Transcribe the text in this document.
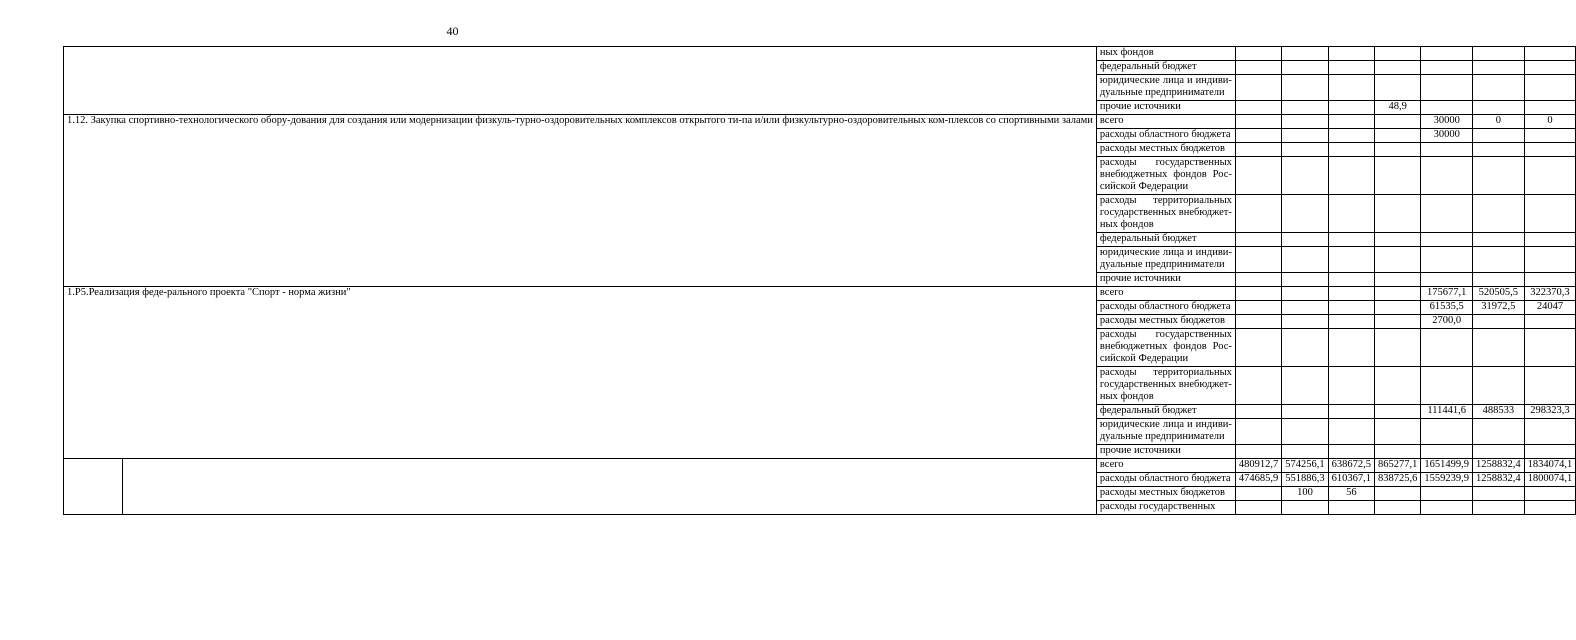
40

	ных фондов							

	федеральный бюджет							

	юридические лица и индиви-
дуальные предприниматели							

	прочие источники				48,9			
1.12. Закупка спортивно-технологического обору-дования для создания или модернизации физкуль-турно-оздоровительных комплексов открытого ти-па и/или физкультурно-оздоровительных ком-плексов со спортивными залами	всего					30000	0	0

	расходы областного бюджета					30000		

	расходы местных бюджетов							

	расходы государственных
внебюджетных фондов Рос-
сийской Федерации							

	расходы территориальных
государственных внебюджет-
ных фондов							

	федеральный бюджет							

	юридические лица и индиви-
дуальные предприниматели							

	прочие источники							

1.Р5.Реализация феде-рального проекта "Спорт - норма жизни"	всего					175677,1	520505,5	322370,3

	расходы областного бюджета					61535,5	31972,5	24047

	расходы местных бюджетов					2700,0		

	расходы государственных
внебюджетных фондов Рос-
сийской Федерации							

	расходы территориальных
государственных внебюджет-
ных фондов							

	федеральный бюджет					111441,6	488533	298323,3

	юридические лица и индиви-
дуальные предприниматели							

	прочие источники							

	всего	480912,7	574256,1	638672,5	865277,1	1651499,9	1258832,4	1834074,1

	расходы областного бюджета	474685,9	551886,3	610367,1	838725,6	1559239,9	1258832,4	1800074,1

	расходы местных бюджетов		100	56				

	расходы государственных							
